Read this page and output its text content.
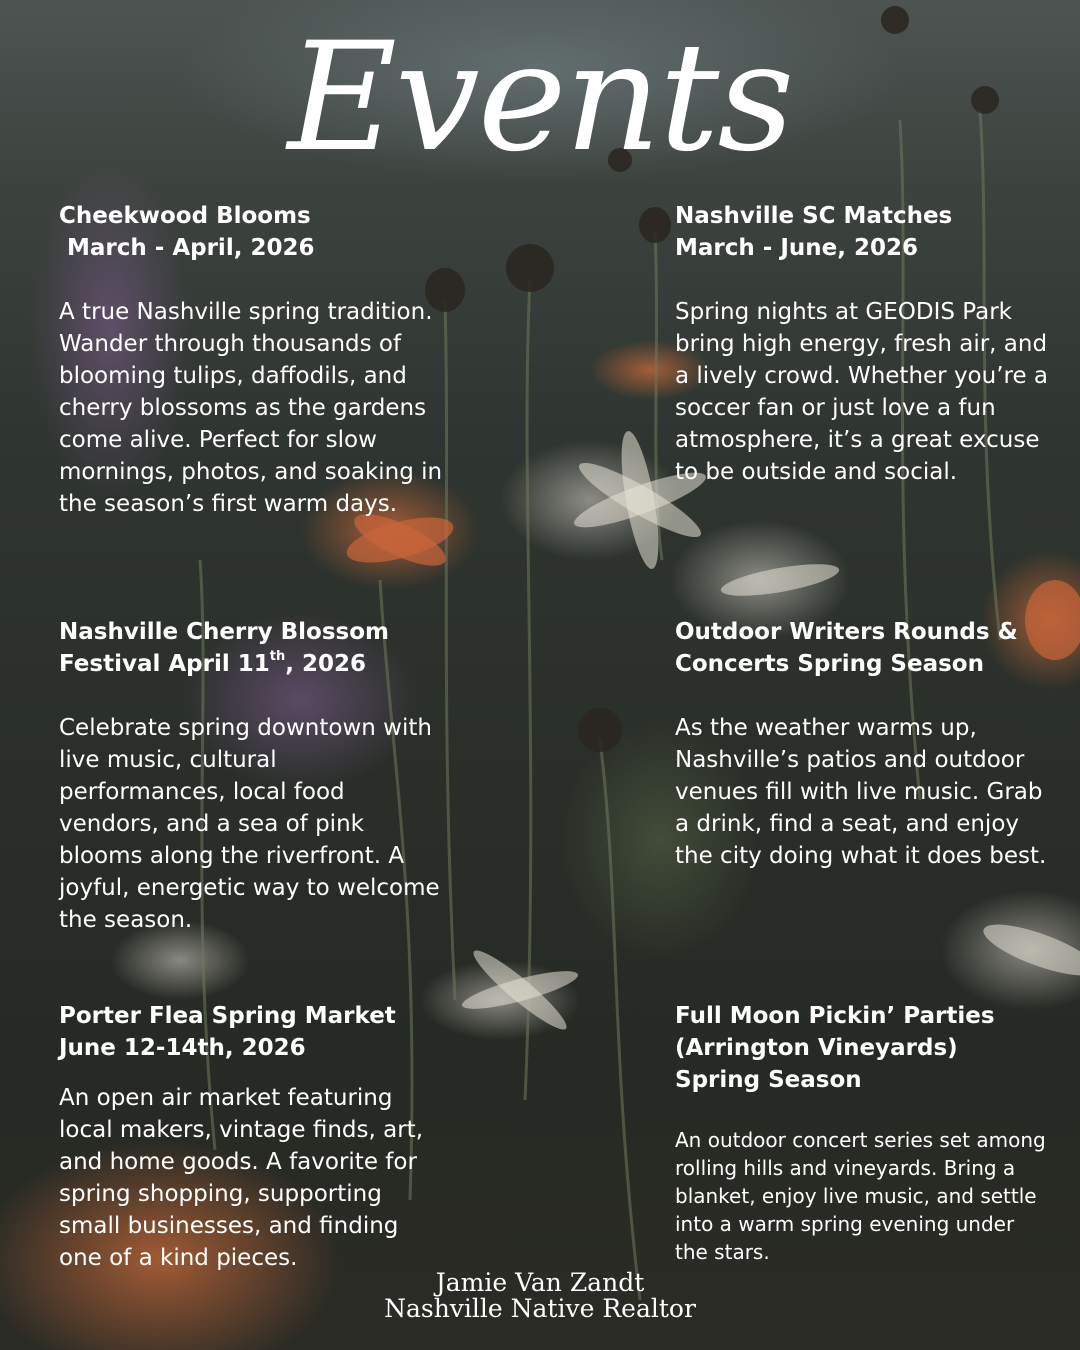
Events
Cheekwood Blooms
March - April, 2026

A true Nashville spring tradition. Wander through thousands of blooming tulips, daffodils, and cherry blossoms as the gardens come alive. Perfect for slow mornings, photos, and soaking in the season’s first warm days.

Nashville SC Matches
March - June, 2026

Spring nights at GEODIS Park bring high energy, fresh air, and a lively crowd. Whether you’re a soccer fan or just love a fun atmosphere, it’s a great excuse to be outside and social.

Nashville Cherry Blossom
Festival April 11th, 2026

Celebrate spring downtown with live music, cultural performances, local food vendors, and a sea of pink blooms along the riverfront. A joyful, energetic way to welcome the season.

Outdoor Writers Rounds &
Concerts Spring Season

As the weather warms up, Nashville’s patios and outdoor venues fill with live music. Grab a drink, find a seat, and enjoy the city doing what it does best.

Porter Flea Spring Market
June 12-14th, 2026

An open air market featuring local makers, vintage finds, art, and home goods. A favorite for spring shopping, supporting small businesses, and finding one of a kind pieces.

Full Moon Pickin’ Parties
(Arrington Vineyards)
Spring Season

An outdoor concert series set among rolling hills and vineyards. Bring a blanket, enjoy live music, and settle into a warm spring evening under the stars.

Jamie Van Zandt
Nashville Native Realtor
